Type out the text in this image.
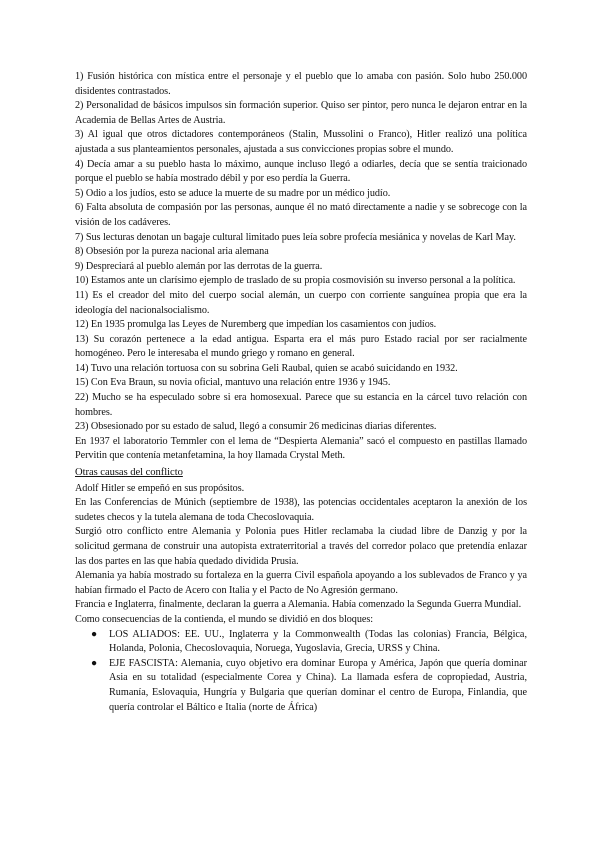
1) Fusión histórica con mística entre el personaje y el pueblo que lo amaba con pasión. Solo hubo 250.000 disidentes contrastados.

2) Personalidad de básicos impulsos sin formación superior. Quiso ser pintor, pero nunca le dejaron entrar en la Academia de Bellas Artes de Austria.

3) Al igual que otros dictadores contemporáneos (Stalin, Mussolini o Franco), Hitler realizó una política ajustada a sus planteamientos personales, ajustada a sus convicciones propias sobre el mundo.

4) Decía amar a su pueblo hasta lo máximo, aunque incluso llegó a odiarles, decía que se sentía traicionado porque el pueblo se había mostrado débil y por eso perdía la Guerra.

5) Odio a los judíos, esto se aduce la muerte de su madre por un médico judío.

6) Falta absoluta de compasión por las personas, aunque él no mató directamente a nadie y se sobrecoge con la visión de los cadáveres.

7) Sus lecturas denotan un bagaje cultural limitado pues leía sobre profecía mesiánica y novelas de Karl May.

8) Obsesión por la pureza nacional aria alemana

9) Despreciará al pueblo alemán por las derrotas de la guerra.

10) Estamos ante un clarísimo ejemplo de traslado de su propia cosmovisión su inverso personal a la política.

11) Es el creador del mito del cuerpo social alemán, un cuerpo con corriente sanguínea propia que era la ideología del nacionalsocialismo.

12) En 1935 promulga las Leyes de Nuremberg que impedían los casamientos con judíos.

13) Su corazón pertenece a la edad antigua. Esparta era el más puro Estado racial por ser racialmente homogéneo. Pero le interesaba el mundo griego y romano en general.

14) Tuvo una relación tortuosa con su sobrina Geli Raubal, quien se acabó suicidando en 1932.

15) Con Eva Braun, su novia oficial, mantuvo una relación entre 1936 y 1945.

22) Mucho se ha especulado sobre si era homosexual. Parece que su estancia en la cárcel tuvo relación con hombres.

23) Obsesionado por su estado de salud, llegó a consumir 26 medicinas diarias diferentes.

En 1937 el laboratorio Temmler con el lema de “Despierta Alemania” sacó el compuesto en pastillas llamado Pervitin que contenía metanfetamina, la hoy llamada Crystal Meth.

Otras causas del conflicto

Adolf Hitler se empeñó en sus propósitos.

En las Conferencias de Múnich (septiembre de 1938), las potencias occidentales aceptaron la anexión de los sudetes checos y la tutela alemana de toda Checoslovaquia.

Surgió otro conflicto entre Alemania y Polonia pues Hitler reclamaba la ciudad libre de Danzig y por la solicitud germana de construir una autopista extraterritorial a través del corredor polaco que pretendía enlazar las dos partes en las que había quedado dividida Prusia.

Alemania ya había mostrado su fortaleza en la guerra Civil española apoyando a los sublevados de Franco y ya habían firmado el Pacto de Acero con Italia y el Pacto de No Agresión germano.

Francia e Inglaterra, finalmente, declaran la guerra a Alemania. Había comenzado la Segunda Guerra Mundial.

Como consecuencias de la contienda, el mundo se dividió en dos bloques:

● LOS ALIADOS: EE. UU., Inglaterra y la Commonwealth (Todas las colonias) Francia, Bélgica, Holanda, Polonia, Checoslovaquia, Noruega, Yugoslavia, Grecia, URSS y China.
● EJE FASCISTA: Alemania, cuyo objetivo era dominar Europa y América, Japón que quería dominar Asia en su totalidad (especialmente Corea y China). La llamada esfera de copropiedad, Austria, Rumanía, Eslovaquia, Hungría y Bulgaria que querían dominar el centro de Europa, Finlandia, que quería controlar el Báltico e Italia (norte de África)
